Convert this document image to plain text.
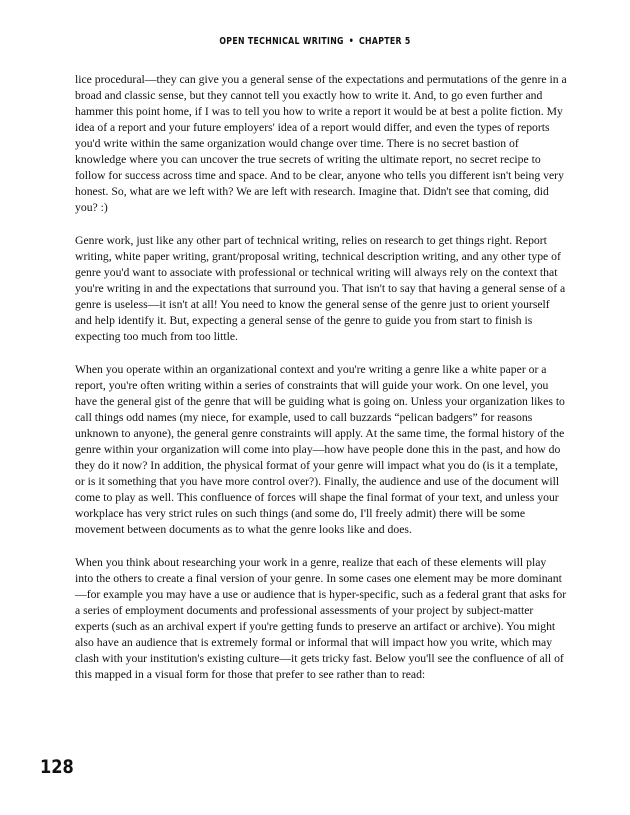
OPEN TECHNICAL WRITING • CHAPTER 5

lice procedural—they can give you a general sense of the expectations and permutations of the genre in a broad and classic sense, but they cannot tell you exactly how to write it. And, to go even further and hammer this point home, if I was to tell you how to write a report it would be at best a polite fiction. My idea of a report and your future employers' idea of a report would differ, and even the types of reports you'd write within the same organization would change over time. There is no secret bastion of knowledge where you can uncover the true secrets of writing the ultimate report, no secret recipe to follow for success across time and space. And to be clear, anyone who tells you different isn't being very honest. So, what are we left with? We are left with research. Imagine that. Didn't see that coming, did you? :)

Genre work, just like any other part of technical writing, relies on research to get things right. Report writing, white paper writing, grant/proposal writing, technical description writing, and any other type of genre you'd want to associate with professional or technical writing will always rely on the context that you're writing in and the expectations that surround you. That isn't to say that having a general sense of a genre is useless—it isn't at all! You need to know the general sense of the genre just to orient yourself and help identify it. But, expecting a general sense of the genre to guide you from start to finish is expecting too much from too little.

When you operate within an organizational context and you're writing a genre like a white paper or a report, you're often writing within a series of constraints that will guide your work. On one level, you have the general gist of the genre that will be guiding what is going on. Unless your organization likes to call things odd names (my niece, for example, used to call buzzards “pelican badgers” for reasons unknown to anyone), the general genre constraints will apply. At the same time, the formal history of the genre within your organization will come into play—how have people done this in the past, and how do they do it now? In addition, the physical format of your genre will impact what you do (is it a template, or is it something that you have more control over?). Finally, the audience and use of the document will come to play as well. This confluence of forces will shape the final format of your text, and unless your workplace has very strict rules on such things (and some do, I'll freely admit) there will be some movement between documents as to what the genre looks like and does.

When you think about researching your work in a genre, realize that each of these elements will play into the others to create a final version of your genre. In some cases one element may be more dominant—for example you may have a use or audience that is hyper-specific, such as a federal grant that asks for a series of employment documents and professional assessments of your project by subject-matter experts (such as an archival expert if you're getting funds to preserve an artifact or archive). You might also have an audience that is extremely formal or informal that will impact how you write, which may clash with your institution's existing culture—it gets tricky fast. Below you'll see the confluence of all of this mapped in a visual form for those that prefer to see rather than to read:

128
